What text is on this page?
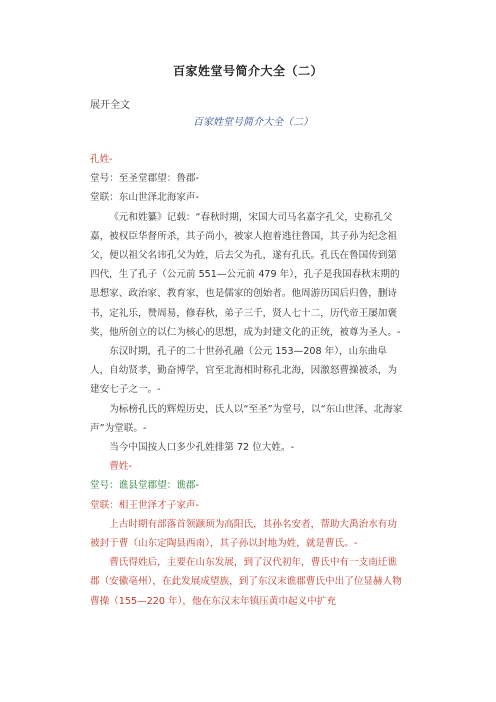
百家姓堂号简介大全（二）
展开全文
百家姓堂号简介大全（二）

孔姓-

堂号：至圣堂郡望：鲁郡-

堂联：东山世泽北海家声-

《元和姓纂》记载：“春秋时期，宋国大司马名嘉字孔父，史称孔父嘉，被权臣华督所杀，其子尚小，被家人抱着逃往鲁国，其子孙为纪念祖父，便以祖父名讳孔父为姓，后去父为孔，遂有孔氏。孔氏在鲁国传到第四代，生了孔子（公元前 551—公元前 479 年），孔子是我国春秋末期的思想家、政治家、教育家，也是儒家的创始者。他周游历国后归鲁，删诗书，定礼乐，赞周易，修春秋，弟子三千，贤人七十二，历代帝王屡加褒奖，他所创立的以仁为核心的思想，成为封建文化的正统，被尊为圣人。-

东汉时期，孔子的二十世孙孔融（公元 153—208 年），山东曲阜人，自幼贤孝，勤奋博学，官至北海相时称孔北海，因激怒曹操被杀，为建安七子之一。-

为标榜孔氏的辉煌历史，氏人以“至圣”为堂号，以“东山世泽、北海家声”为堂联。-

当今中国按人口多少孔姓排第 72 位大姓。-

曹姓-

堂号：谯县堂郡望：谯郡-

堂联：相王世泽才子家声-

上古时期有部落首领颛顼为高阳氏，其孙名安者，帮助大禹治水有功被封于曹（山东定陶县西南），其子孙以封地为姓，就是曹氏。-

曹氏得姓后，主要在山东发展，到了汉代初年，曹氏中有一支南迁谯郡（安徽亳州），在此发展成望族，到了东汉末谯郡曹氏中出了位显赫人物曹操（155—220 年），他在东汉末年镇压黄巾起义中扩充
